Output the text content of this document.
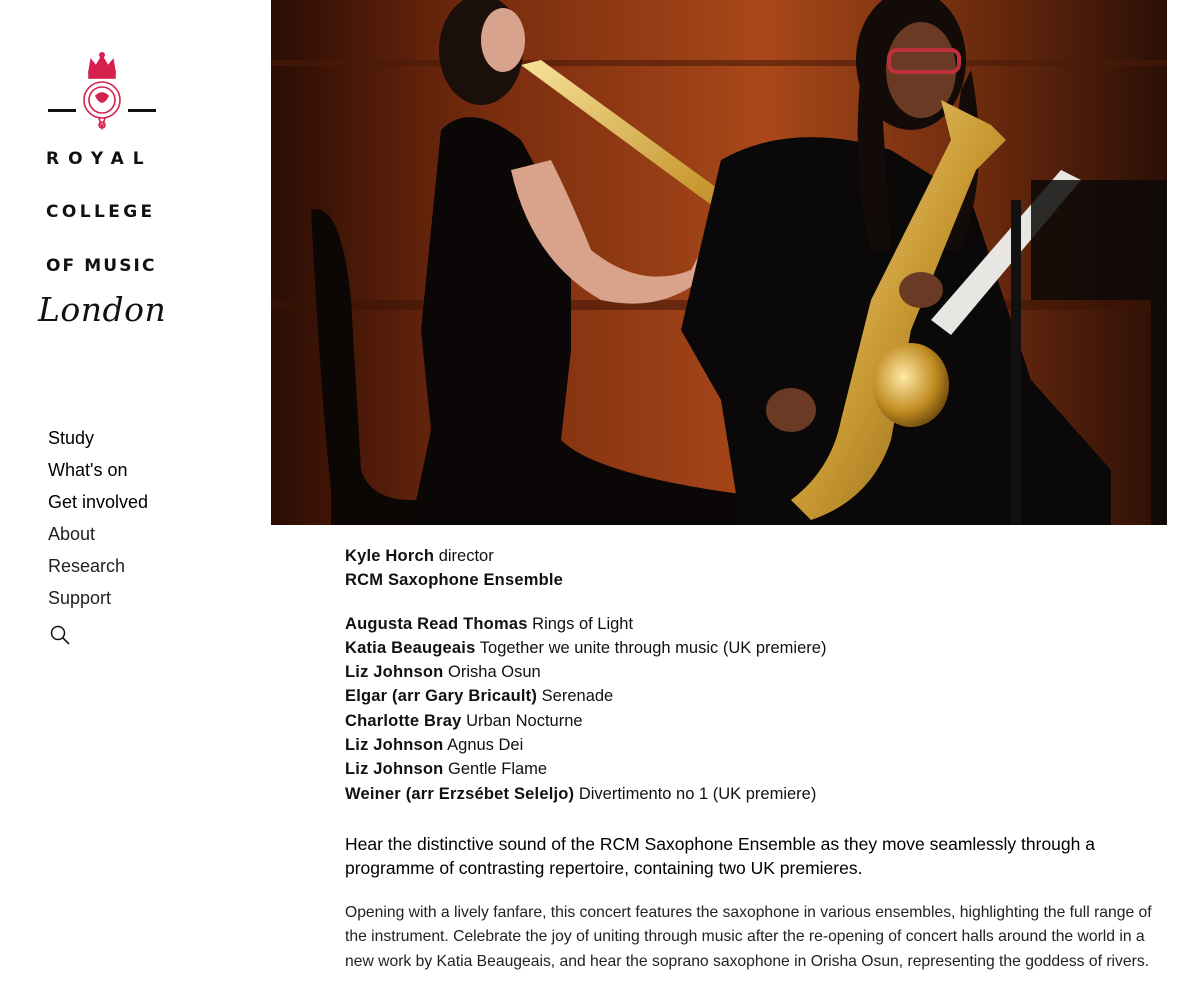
ROYAL
COLLEGE
OF MUSIC
London
Study
What's on
Get involved
About
Research
Support
Kyle Horch director
RCM Saxophone Ensemble
Augusta Read Thomas Rings of Light
Katia Beaugeais Together we unite through music (UK premiere)
Liz Johnson Orisha Osun
Elgar (arr Gary Bricault) Serenade
Charlotte Bray Urban Nocturne
Liz Johnson Agnus Dei
Liz Johnson Gentle Flame
Weiner (arr Erzsébet Seleljo) Divertimento no 1 (UK premiere)

Hear the distinctive sound of the RCM Saxophone Ensemble as they move seamlessly through a programme of contrasting repertoire, containing two UK premieres.

Opening with a lively fanfare, this concert features the saxophone in various ensembles, highlighting the full range of the instrument. Celebrate the joy of uniting through music after the re-opening of concert halls around the world in a new work by Katia Beaugeais, and hear the soprano saxophone in Orisha Osun, representing the goddess of rivers.
